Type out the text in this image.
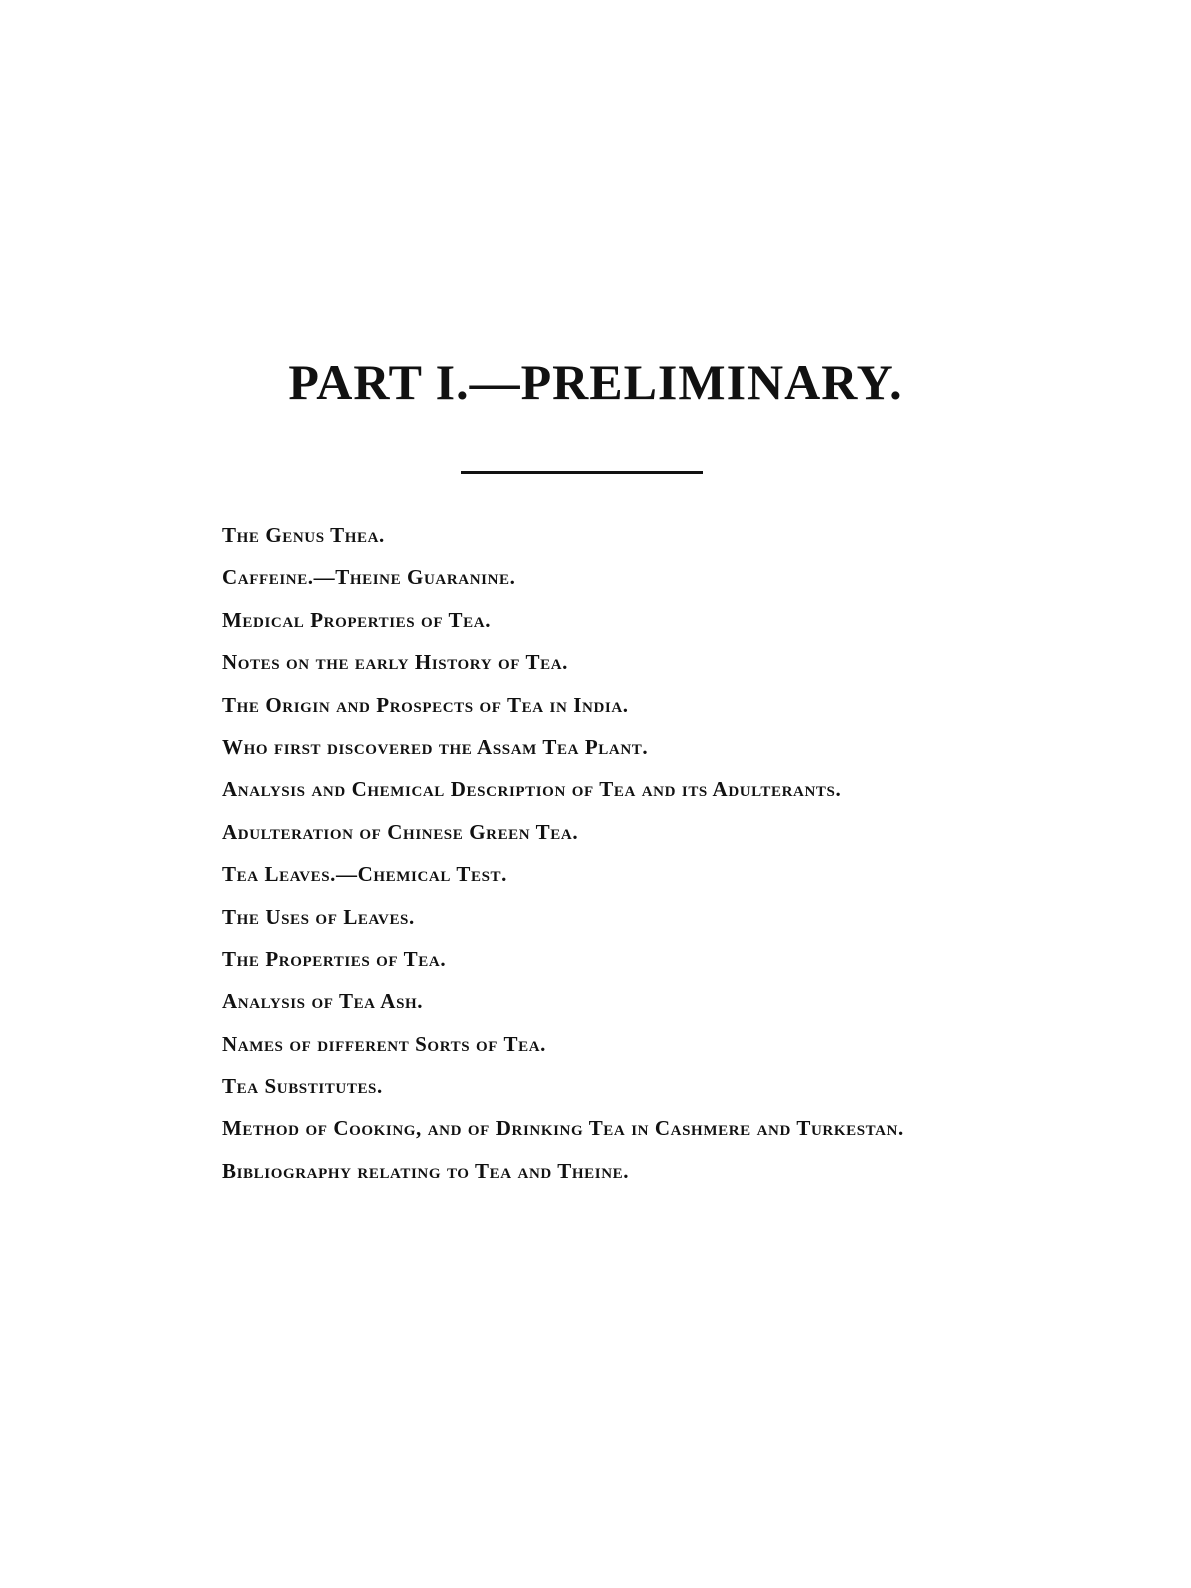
PART I.—PRELIMINARY.
The Genus Thea.
Caffeine.—Theine Guaranine.
Medical Properties of Tea.
Notes on the early History of Tea.
The Origin and Prospects of Tea in India.
Who first discovered the Assam Tea Plant.
Analysis and Chemical Description of Tea and its Adulterants.
Adulteration of Chinese Green Tea.
Tea Leaves.—Chemical Test.
The Uses of Leaves.
The Properties of Tea.
Analysis of Tea Ash.
Names of different Sorts of Tea.
Tea Substitutes.
Method of Cooking, and of Drinking Tea in Cashmere and Turkestan.
Bibliography relating to Tea and Theine.
